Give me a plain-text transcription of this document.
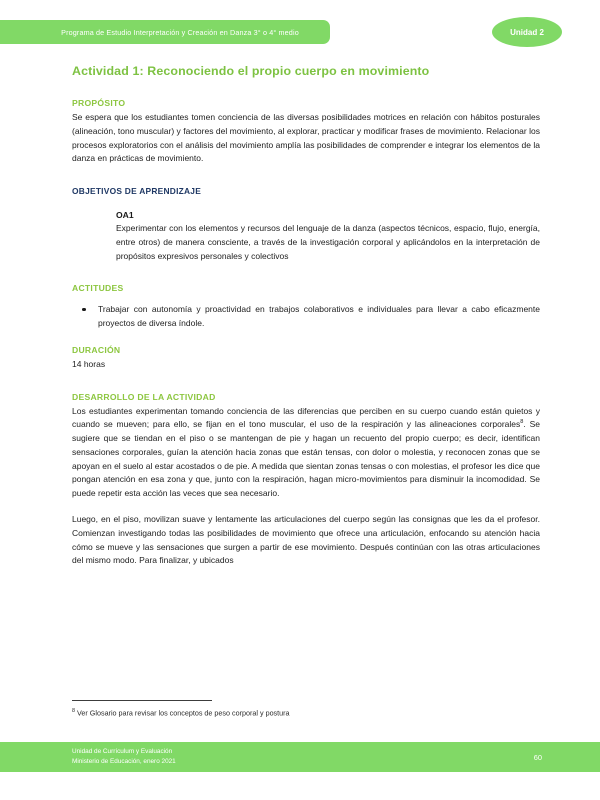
Programa de Estudio Interpretación y Creación en Danza 3° o 4° medio	Unidad 2
Actividad 1: Reconociendo el propio cuerpo en movimiento
PROPÓSITO

Se espera que los estudiantes tomen conciencia de las diversas posibilidades motrices en relación con hábitos posturales (alineación, tono muscular) y factores del movimiento, al explorar, practicar y modificar frases de movimiento. Relacionar los procesos exploratorios con el análisis del movimiento amplía las posibilidades de comprender e integrar los elementos de la danza en prácticas de movimiento.

OBJETIVOS DE APRENDIZAJE
OA1

Experimentar con los elementos y recursos del lenguaje de la danza (aspectos técnicos, espacio, flujo, energía, entre otros) de manera consciente, a través de la investigación corporal y aplicándolos en la interpretación de propósitos expresivos personales y colectivos

ACTITUDES
Trabajar con autonomía y proactividad en trabajos colaborativos e individuales para llevar a cabo eficazmente proyectos de diversa índole.
DURACIÓN

14 horas

DESARROLLO DE LA ACTIVIDAD

Los estudiantes experimentan tomando conciencia de las diferencias que perciben en su cuerpo cuando están quietos y cuando se mueven; para ello, se fijan en el tono muscular, el uso de la respiración y las alineaciones corporales$^8$. Se sugiere que se tiendan en el piso o se mantengan de pie y hagan un recuento del propio cuerpo; es decir, identifican sensaciones corporales, guían la atención hacia zonas que están tensas, con dolor o molestia, y reconocen zonas que se apoyan en el suelo al estar acostados o de pie. A medida que sientan zonas tensas o con molestias, el profesor les dice que pongan atención en esa zona y que, junto con la respiración, hagan micro-movimientos para disminuir la incomodidad. Se puede repetir esta acción las veces que sea necesario.

Luego, en el piso, movilizan suave y lentamente las articulaciones del cuerpo según las consignas que les da el profesor. Comienzan investigando todas las posibilidades de movimiento que ofrece una articulación, enfocando su atención hacia cómo se mueve y las sensaciones que surgen a partir de ese movimiento. Después continúan con las otras articulaciones del mismo modo. Para finalizar, y ubicados

$^8$ Ver Glosario para revisar los conceptos de peso corporal y postura

Unidad de Currículum y Evaluación
Ministerio de Educación, enero 2021	60
